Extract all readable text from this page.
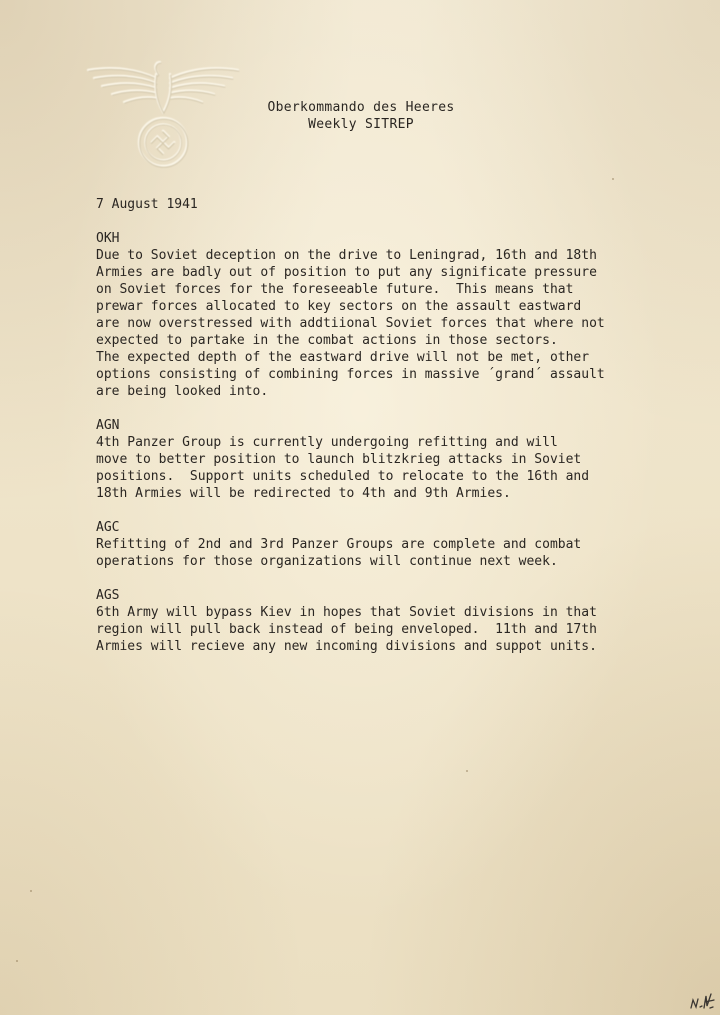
Oberkommando des Heeres
Weekly SITREP
7 August 1941
OKH
Due to Soviet deception on the drive to Leningrad, 16th and 18th
Armies are badly out of position to put any significate pressure
on Soviet forces for the foreseeable future.  This means that
prewar forces allocated to key sectors on the assault eastward
are now overstressed with addtiional Soviet forces that where not
expected to partake in the combat actions in those sectors.
The expected depth of the eastward drive will not be met, other
options consisting of combining forces in massive ´grand´ assault
are being looked into.
AGN
4th Panzer Group is currently undergoing refitting and will
move to better position to launch blitzkrieg attacks in Soviet
positions.  Support units scheduled to relocate to the 16th and
18th Armies will be redirected to 4th and 9th Armies.
AGC
Refitting of 2nd and 3rd Panzer Groups are complete and combat
operations for those organizations will continue next week.
AGS
6th Army will bypass Kiev in hopes that Soviet divisions in that
region will pull back instead of being enveloped.  11th and 17th
Armies will recieve any new incoming divisions and suppot units.
